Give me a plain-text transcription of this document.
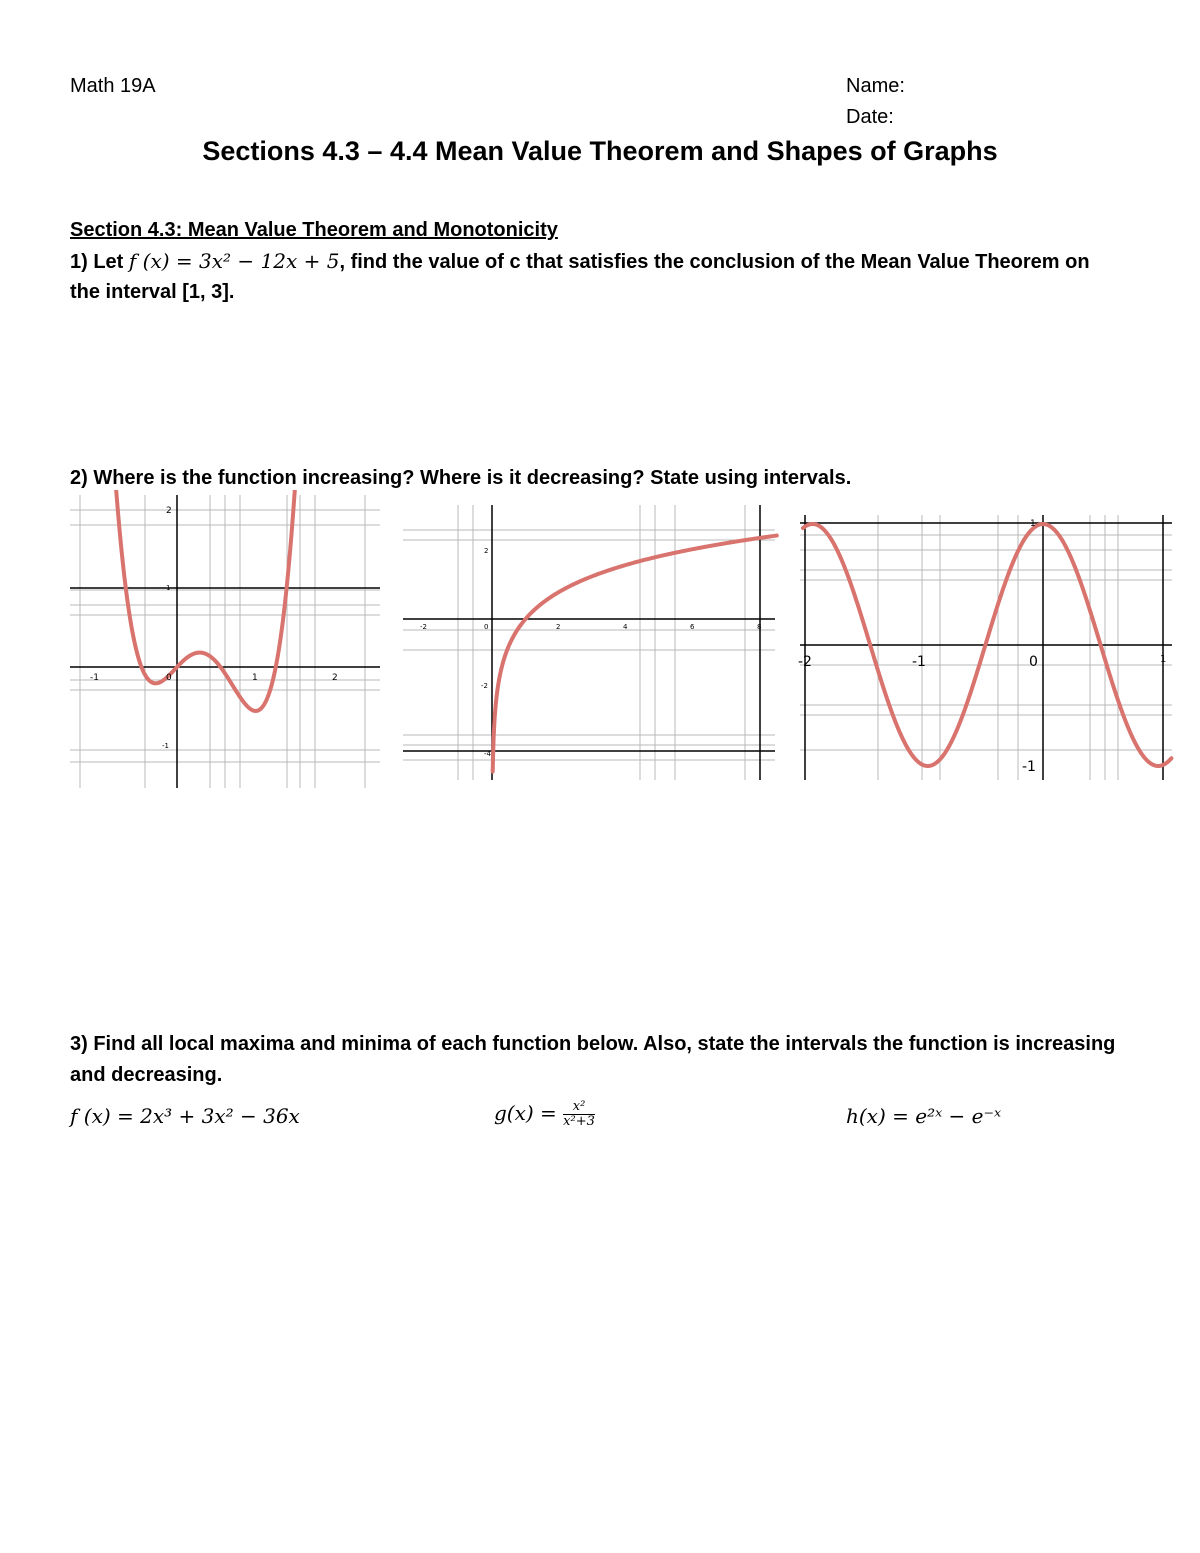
Math 19A	Name:
Date:
Sections 4.3 – 4.4 Mean Value Theorem and Shapes of Graphs
Section 4.3: Mean Value Theorem and Monotonicity
1) Let f (x) = 3x² − 12x + 5, find the value of c that satisfies the conclusion of the Mean Value Theorem on
the interval [1, 3].
2) Where is the function increasing? Where is it decreasing? State using intervals.
-1	0	1	2
2
1
-1
-2	0	2	4	6	8
2
-2
-4
-2	-1	0	1
1
-1
3) Find all local maxima and minima of each function below. Also, state the intervals the function is increasing
and decreasing.
f (x) = 2x³ + 3x² − 36x	$g(x) = \frac{\text{x²}}{\text{x²+3}}$	h(x) = e²ˣ − e⁻ˣ
